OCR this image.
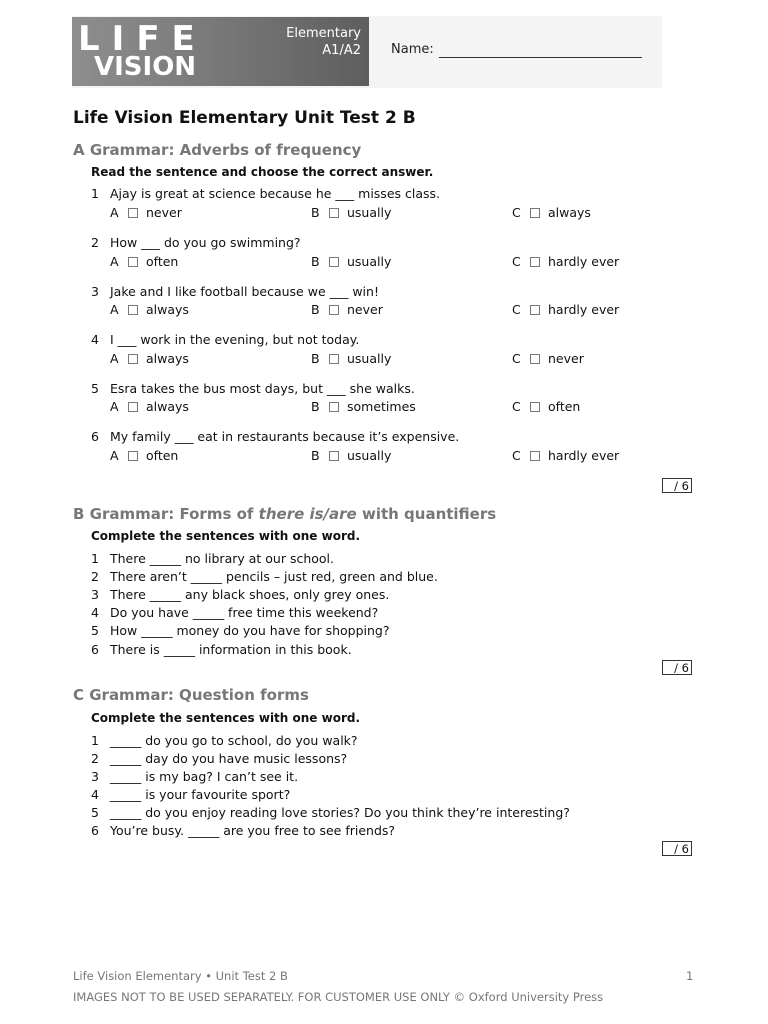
LIFE
VISION
Elementary
A1/A2 Name:
Life Vision Elementary Unit Test 2 B
A Grammar: Adverbs of frequency
Read the sentence and choose the correct answer.
1 Ajay is great at science because he ___ misses class.
A never	B usually	C always
2 How ___ do you go swimming?
A often	B usually	C hardly ever
3 Jake and I like football because we ___ win!
A always	B never	C hardly ever
4 I ___ work in the evening, but not today.
A always	B usually	C never
5 Esra takes the bus most days, but ___ she walks.
A always	B sometimes	C often
6 My family ___ eat in restaurants because it’s expensive.
A often	B usually	C hardly ever
/ 6
B Grammar: Forms of there is/are with quantifiers
Complete the sentences with one word.
1 There _____ no library at our school.
2 There aren’t _____ pencils – just red, green and blue.
3 There _____ any black shoes, only grey ones.
4 Do you have _____ free time this weekend?
5 How _____ money do you have for shopping?
6 There is _____ information in this book.
/ 6
C Grammar: Question forms
Complete the sentences with one word.
1 _____ do you go to school, do you walk?
2 _____ day do you have music lessons?
3 _____ is my bag? I can’t see it.
4 _____ is your favourite sport?
5 _____ do you enjoy reading love stories? Do you think they’re interesting?
6 You’re busy. _____ are you free to see friends?
/ 6
Life Vision Elementary • Unit Test 2 B	1
IMAGES NOT TO BE USED SEPARATELY. FOR CUSTOMER USE ONLY © Oxford University Press
